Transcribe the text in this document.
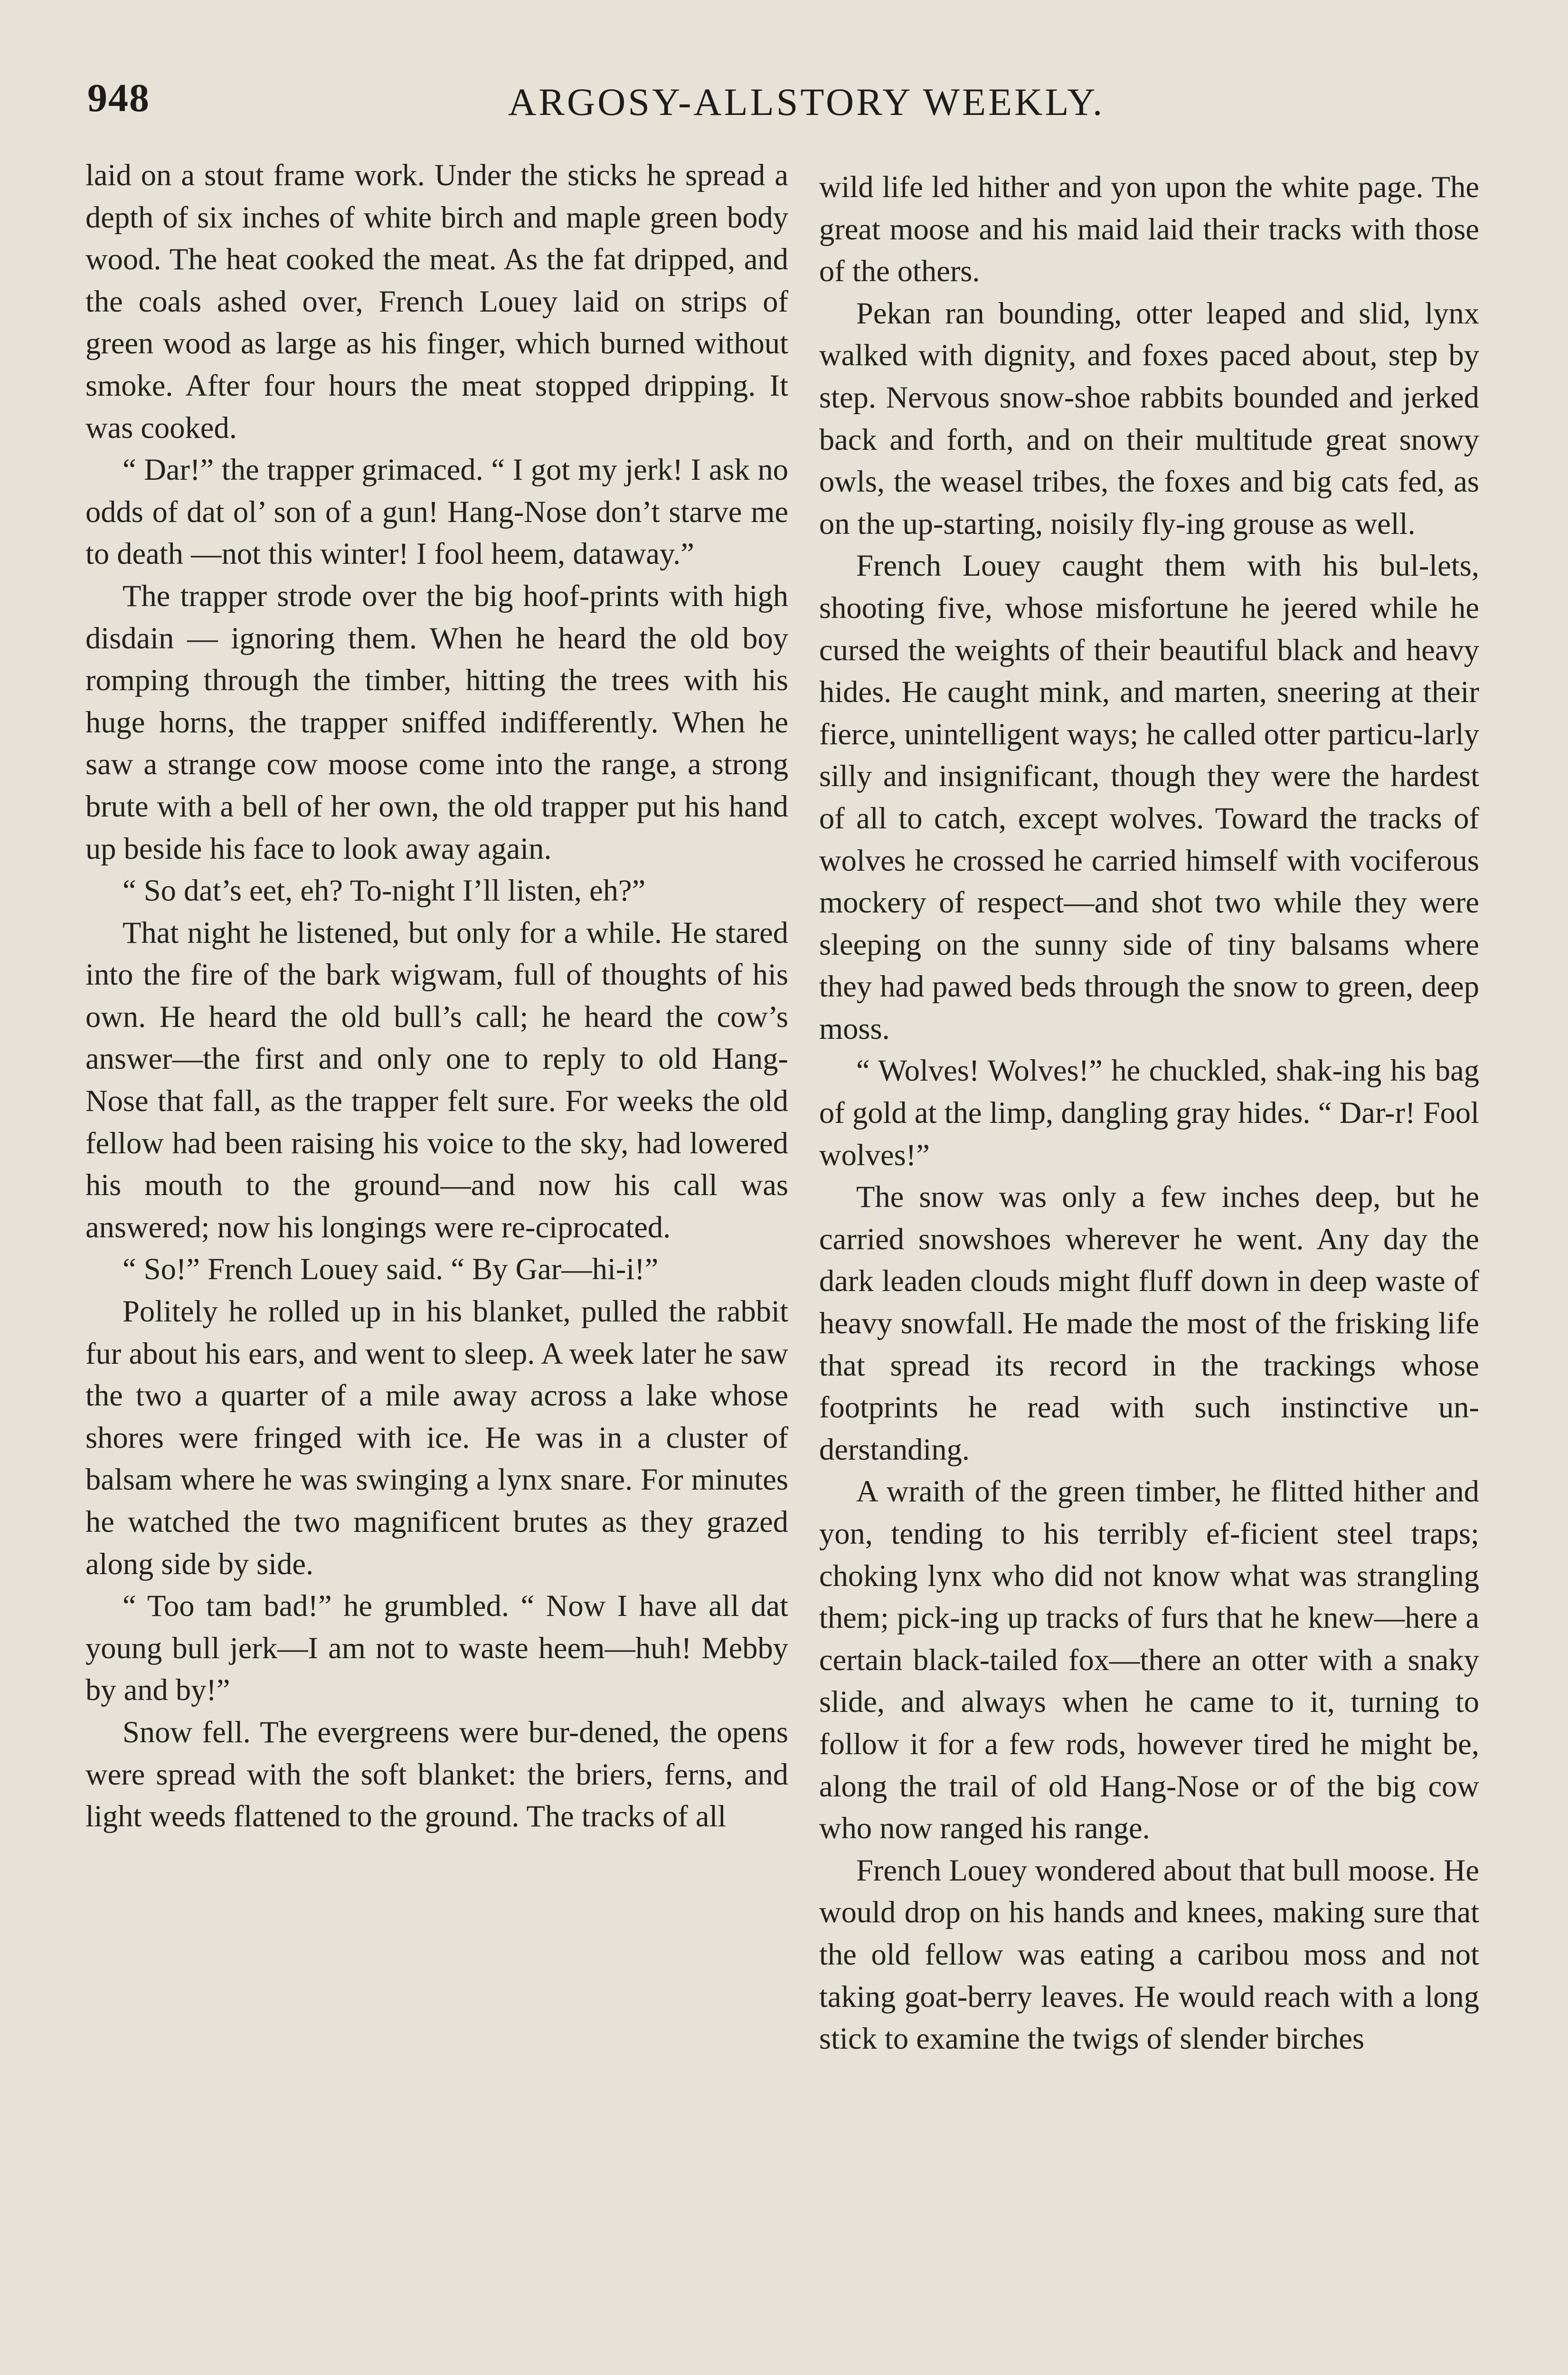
948	ARGOSY-ALLSTORY WEEKLY.

laid on a stout frame work. Under the sticks he spread a depth of six inches of white birch and maple green body wood. The heat cooked the meat. As the fat dripped, and the coals ashed over, French Louey laid on strips of green wood as large as his finger, which burned without smoke. After four hours the meat stopped dripping. It was cooked.

“ Dar!” the trapper grimaced. “ I got my jerk! I ask no odds of dat ol’ son of a gun! Hang-Nose don’t starve me to death —not this winter! I fool heem, dataway.”

The trapper strode over the big hoof-prints with high disdain — ignoring them. When he heard the old boy romping through the timber, hitting the trees with his huge horns, the trapper sniffed indifferently. When he saw a strange cow moose come into the range, a strong brute with a bell of her own, the old trapper put his hand up beside his face to look away again.

“ So dat’s eet, eh? To-night I’ll listen, eh?”

That night he listened, but only for a while. He stared into the fire of the bark wigwam, full of thoughts of his own. He heard the old bull’s call; he heard the cow’s answer—the first and only one to reply to old Hang-Nose that fall, as the trapper felt sure. For weeks the old fellow had been raising his voice to the sky, had lowered his mouth to the ground—and now his call was answered; now his longings were re-ciprocated.

“ So!” French Louey said. “ By Gar—hi-i!”

Politely he rolled up in his blanket, pulled the rabbit fur about his ears, and went to sleep. A week later he saw the two a quarter of a mile away across a lake whose shores were fringed with ice. He was in a cluster of balsam where he was swinging a lynx snare. For minutes he watched the two magnificent brutes as they grazed along side by side.

“ Too tam bad!” he grumbled. “ Now I have all dat young bull jerk—I am not to waste heem—huh! Mebby by and by!”

Snow fell. The evergreens were bur-dened, the opens were spread with the soft blanket: the briers, ferns, and light weeds flattened to the ground. The tracks of all

wild life led hither and yon upon the white page. The great moose and his maid laid their tracks with those of the others.

Pekan ran bounding, otter leaped and slid, lynx walked with dignity, and foxes paced about, step by step. Nervous snow-shoe rabbits bounded and jerked back and forth, and on their multitude great snowy owls, the weasel tribes, the foxes and big cats fed, as on the up-starting, noisily fly-ing grouse as well.

French Louey caught them with his bul-lets, shooting five, whose misfortune he jeered while he cursed the weights of their beautiful black and heavy hides. He caught mink, and marten, sneering at their fierce, unintelligent ways; he called otter particu-larly silly and insignificant, though they were the hardest of all to catch, except wolves. Toward the tracks of wolves he crossed he carried himself with vociferous mockery of respect—and shot two while they were sleeping on the sunny side of tiny balsams where they had pawed beds through the snow to green, deep moss.

“ Wolves! Wolves!” he chuckled, shak-ing his bag of gold at the limp, dangling gray hides. “ Dar-r! Fool wolves!”

The snow was only a few inches deep, but he carried snowshoes wherever he went. Any day the dark leaden clouds might fluff down in deep waste of heavy snowfall. He made the most of the frisking life that spread its record in the trackings whose footprints he read with such instinctive un-derstanding.

A wraith of the green timber, he flitted hither and yon, tending to his terribly ef-ficient steel traps; choking lynx who did not know what was strangling them; pick-ing up tracks of furs that he knew—here a certain black-tailed fox—there an otter with a snaky slide, and always when he came to it, turning to follow it for a few rods, however tired he might be, along the trail of old Hang-Nose or of the big cow who now ranged his range.

French Louey wondered about that bull moose. He would drop on his hands and knees, making sure that the old fellow was eating a caribou moss and not taking goat-berry leaves. He would reach with a long stick to examine the twigs of slender birches
